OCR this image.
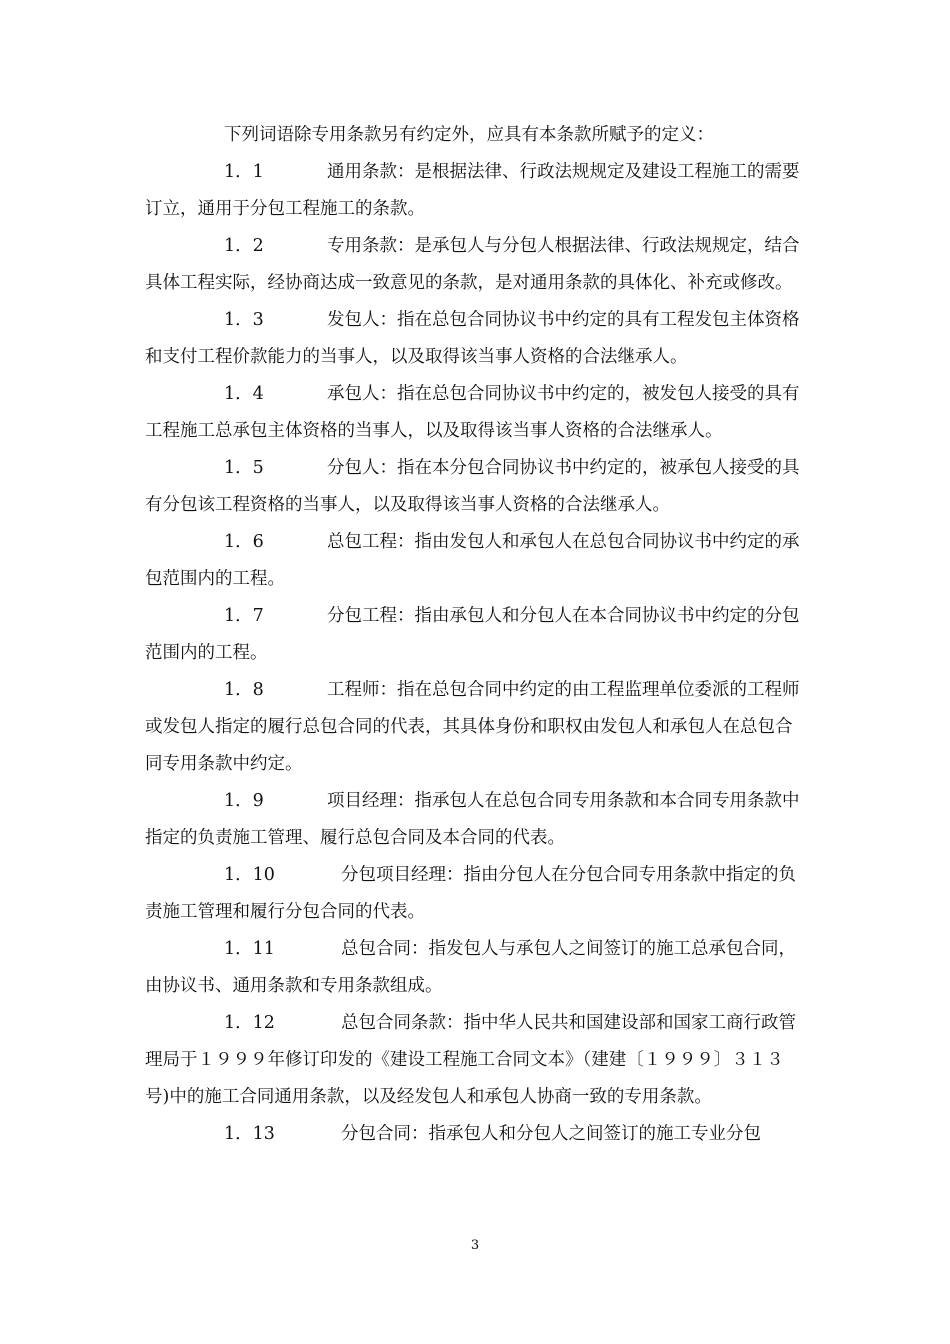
下列词语除专用条款另有约定外，应具有本条款所赋予的定义：

1．1	通用条款：是根据法律、行政法规规定及建设工程施工的需要订立，通用于分包工程施工的条款。

1．2	专用条款：是承包人与分包人根据法律、行政法规规定，结合具体工程实际，经协商达成一致意见的条款，是对通用条款的具体化、补充或修改。

1．3	发包人：指在总包合同协议书中约定的具有工程发包主体资格和支付工程价款能力的当事人，以及取得该当事人资格的合法继承人。

1．4	承包人：指在总包合同协议书中约定的，被发包人接受的具有工程施工总承包主体资格的当事人，以及取得该当事人资格的合法继承人。

1．5	分包人：指在本分包合同协议书中约定的，被承包人接受的具有分包该工程资格的当事人，以及取得该当事人资格的合法继承人。

1．6	总包工程：指由发包人和承包人在总包合同协议书中约定的承包范围内的工程。

1．7	分包工程：指由承包人和分包人在本合同协议书中约定的分包范围内的工程。

1．8	工程师：指在总包合同中约定的由工程监理单位委派的工程师或发包人指定的履行总包合同的代表，其具体身份和职权由发包人和承包人在总包合同专用条款中约定。

1．9	项目经理：指承包人在总包合同专用条款和本合同专用条款中指定的负责施工管理、履行总包合同及本合同的代表。

1．10	分包项目经理：指由分包人在分包合同专用条款中指定的负责施工管理和履行分包合同的代表。

1．11	总包合同：指发包人与承包人之间签订的施工总承包合同，由协议书、通用条款和专用条款组成。

1．12	总包合同条款：指中华人民共和国建设部和国家工商行政管理局于１９９９年修订印发的《建设工程施工合同文本》（建建〔１９９９〕３１３号)中的施工合同通用条款，以及经发包人和承包人协商一致的专用条款。

1．13	分包合同：指承包人和分包人之间签订的施工专业分包

3
